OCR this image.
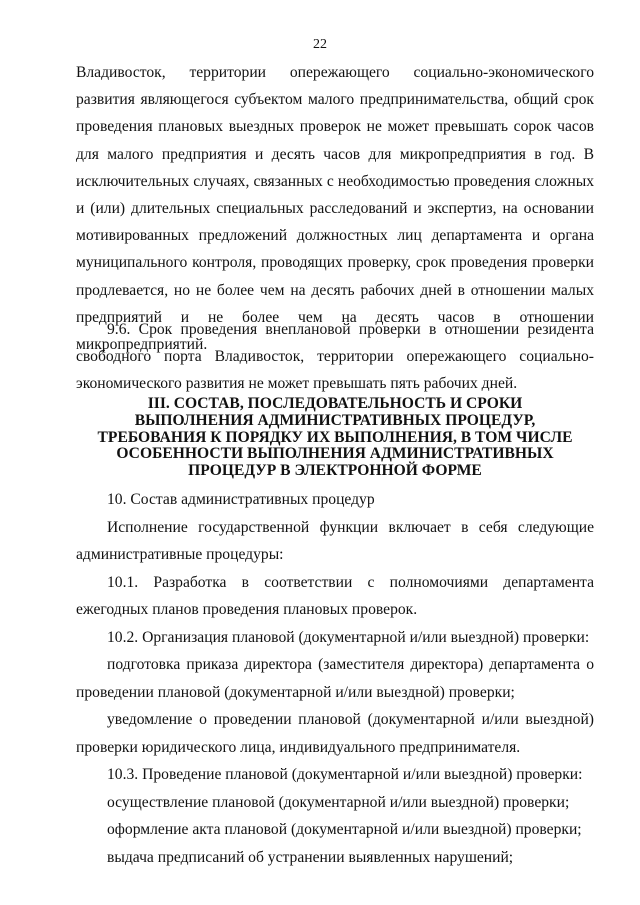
22

Владивосток, территории опережающего социально-экономического развития являющегося субъектом малого предпринимательства, общий срок проведения плановых выездных проверок не может превышать сорок часов для малого предприятия и десять часов для микропредприятия в год. В исключительных случаях, связанных с необходимостью проведения сложных и (или) длительных специальных расследований и экспертиз, на основании мотивированных предложений должностных лиц департамента и органа муниципального контроля, проводящих проверку, срок проведения проверки продлевается, но не более чем на десять рабочих дней в отношении малых предприятий и не более чем на десять часов в отношении микропредприятий.

9.6. Срок проведения внеплановой проверки в отношении резидента свободного порта Владивосток, территории опережающего социально-экономического развития не может превышать пять рабочих дней.

III. СОСТАВ, ПОСЛЕДОВАТЕЛЬНОСТЬ И СРОКИ ВЫПОЛНЕНИЯ АДМИНИСТРАТИВНЫХ ПРОЦЕДУР, ТРЕБОВАНИЯ К ПОРЯДКУ ИХ ВЫПОЛНЕНИЯ, В ТОМ ЧИСЛЕ ОСОБЕННОСТИ ВЫПОЛНЕНИЯ АДМИНИСТРАТИВНЫХ ПРОЦЕДУР В ЭЛЕКТРОННОЙ ФОРМЕ

10. Состав административных процедур

Исполнение государственной функции включает в себя следующие административные процедуры:

10.1. Разработка в соответствии с полномочиями департамента ежегодных планов проведения плановых проверок.

10.2. Организация плановой (документарной и/или выездной) проверки:

подготовка приказа директора (заместителя директора) департамента о проведении плановой (документарной и/или выездной) проверки;

уведомление о проведении плановой (документарной и/или выездной) проверки юридического лица, индивидуального предпринимателя.

10.3. Проведение плановой (документарной и/или выездной) проверки:

осуществление плановой (документарной и/или выездной) проверки;

оформление акта плановой (документарной и/или выездной) проверки;

выдача предписаний об устранении выявленных нарушений;
